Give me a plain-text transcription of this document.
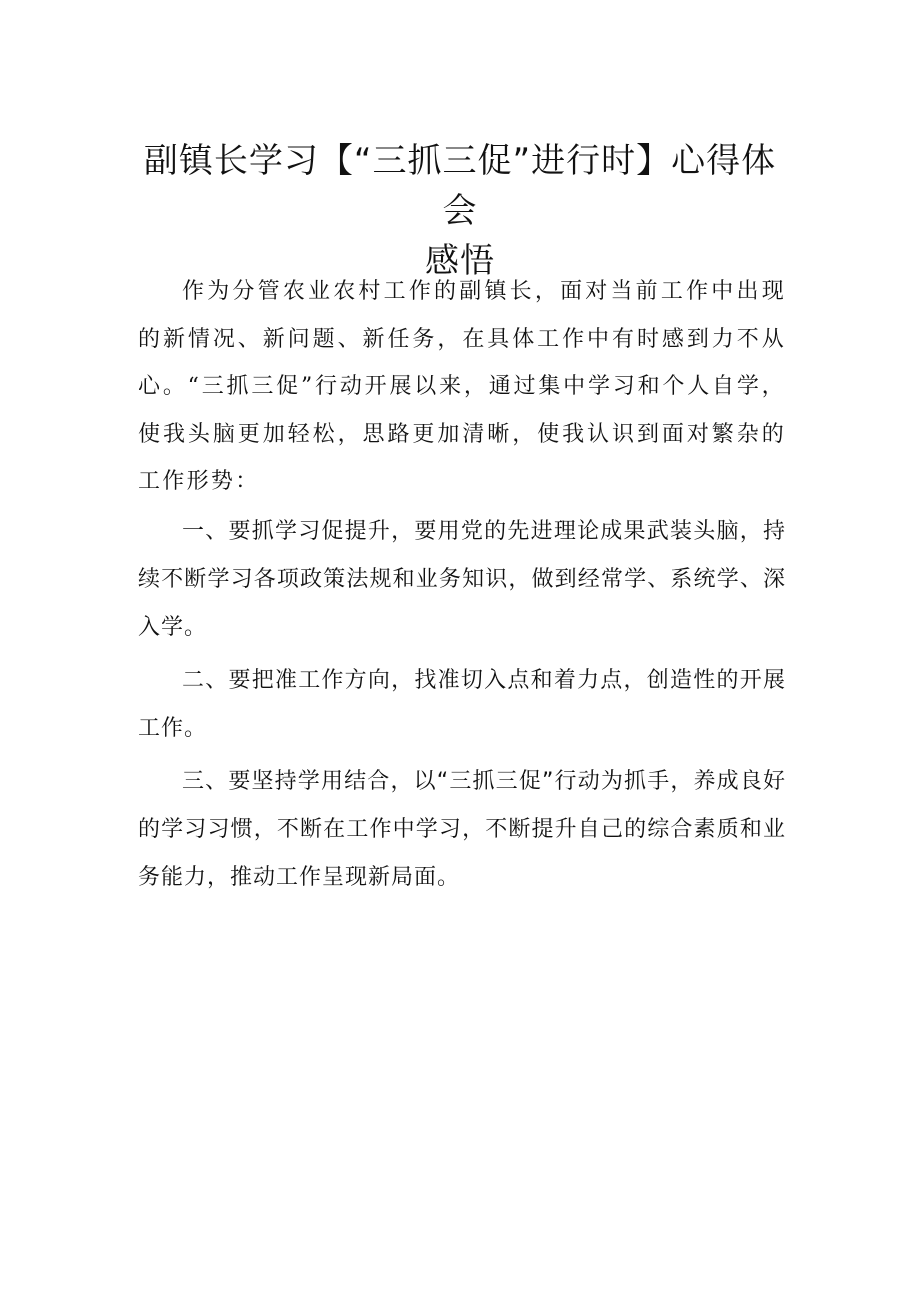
副镇长学习【“三抓三促”进行时】心得体会
感悟

作为分管农业农村工作的副镇长，面对当前工作中出现的新情况、新问题、新任务，在具体工作中有时感到力不从心。“三抓三促”行动开展以来，通过集中学习和个人自学，使我头脑更加轻松，思路更加清晰，使我认识到面对繁杂的工作形势：

一、要抓学习促提升，要用党的先进理论成果武装头脑，持续不断学习各项政策法规和业务知识，做到经常学、系统学、深入学。

二、要把准工作方向，找准切入点和着力点，创造性的开展工作。

三、要坚持学用结合，以“三抓三促”行动为抓手，养成良好的学习习惯，不断在工作中学习，不断提升自己的综合素质和业务能力，推动工作呈现新局面。
